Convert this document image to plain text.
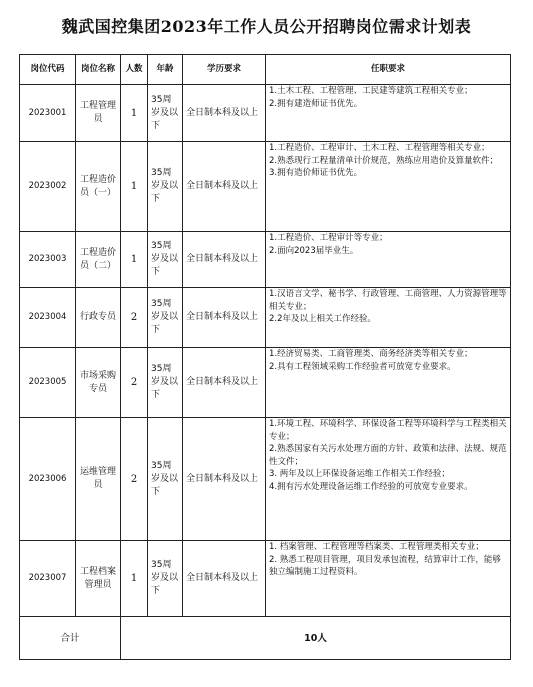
魏武国控集团2023年工作人员公开招聘岗位需求计划表
岗位代码	岗位名称	人数	年龄	学历要求	任职要求
2023001	工程管理员	1	35周岁及以下	全日制本科及以上	1.土木工程、工程管理、工民建等建筑工程相关专业；
2.拥有建造师证书优先。

2023002	工程造价员（一）	1	35周岁及以下	全日制本科及以上	1.工程造价、工程审计、土木工程、工程管理等相关专业；
2.熟悉现行工程量清单计价规范，熟练应用造价及算量软件；
3.拥有造价师证书优先。

2023003	工程造价员（二）	1	35周岁及以下	全日制本科及以上	1.工程造价、工程审计等专业；
2.面向2023届毕业生。

2023004	行政专员	2	35周岁及以下	全日制本科及以上	1.汉语言文学、秘书学、行政管理、工商管理、人力资源管理等相关专业；
2.2年及以上相关工作经验。

2023005	市场采购专员	2	35周岁及以下	全日制本科及以上	1.经济贸易类、工商管理类、商务经济类等相关专业；
2.具有工程领域采购工作经验者可放宽专业要求。

2023006	运维管理员	2	35周岁及以下	全日制本科及以上	1.环境工程、环境科学、环保设备工程等环境科学与工程类相关专业；
2.熟悉国家有关污水处理方面的方针、政策和法律、法规、规范性文件；
3. 两年及以上环保设备运维工作相关工作经验；
4.拥有污水处理设备运维工作经验的可放宽专业要求。

2023007	工程档案管理员	1	35周岁及以下	全日制本科及以上	1. 档案管理、工程管理等档案类、工程管理类相关专业；
2. 熟悉工程项目管理，项目发承包流程，结算审计工作，能够独立编制施工过程资料。

合计		10人			
